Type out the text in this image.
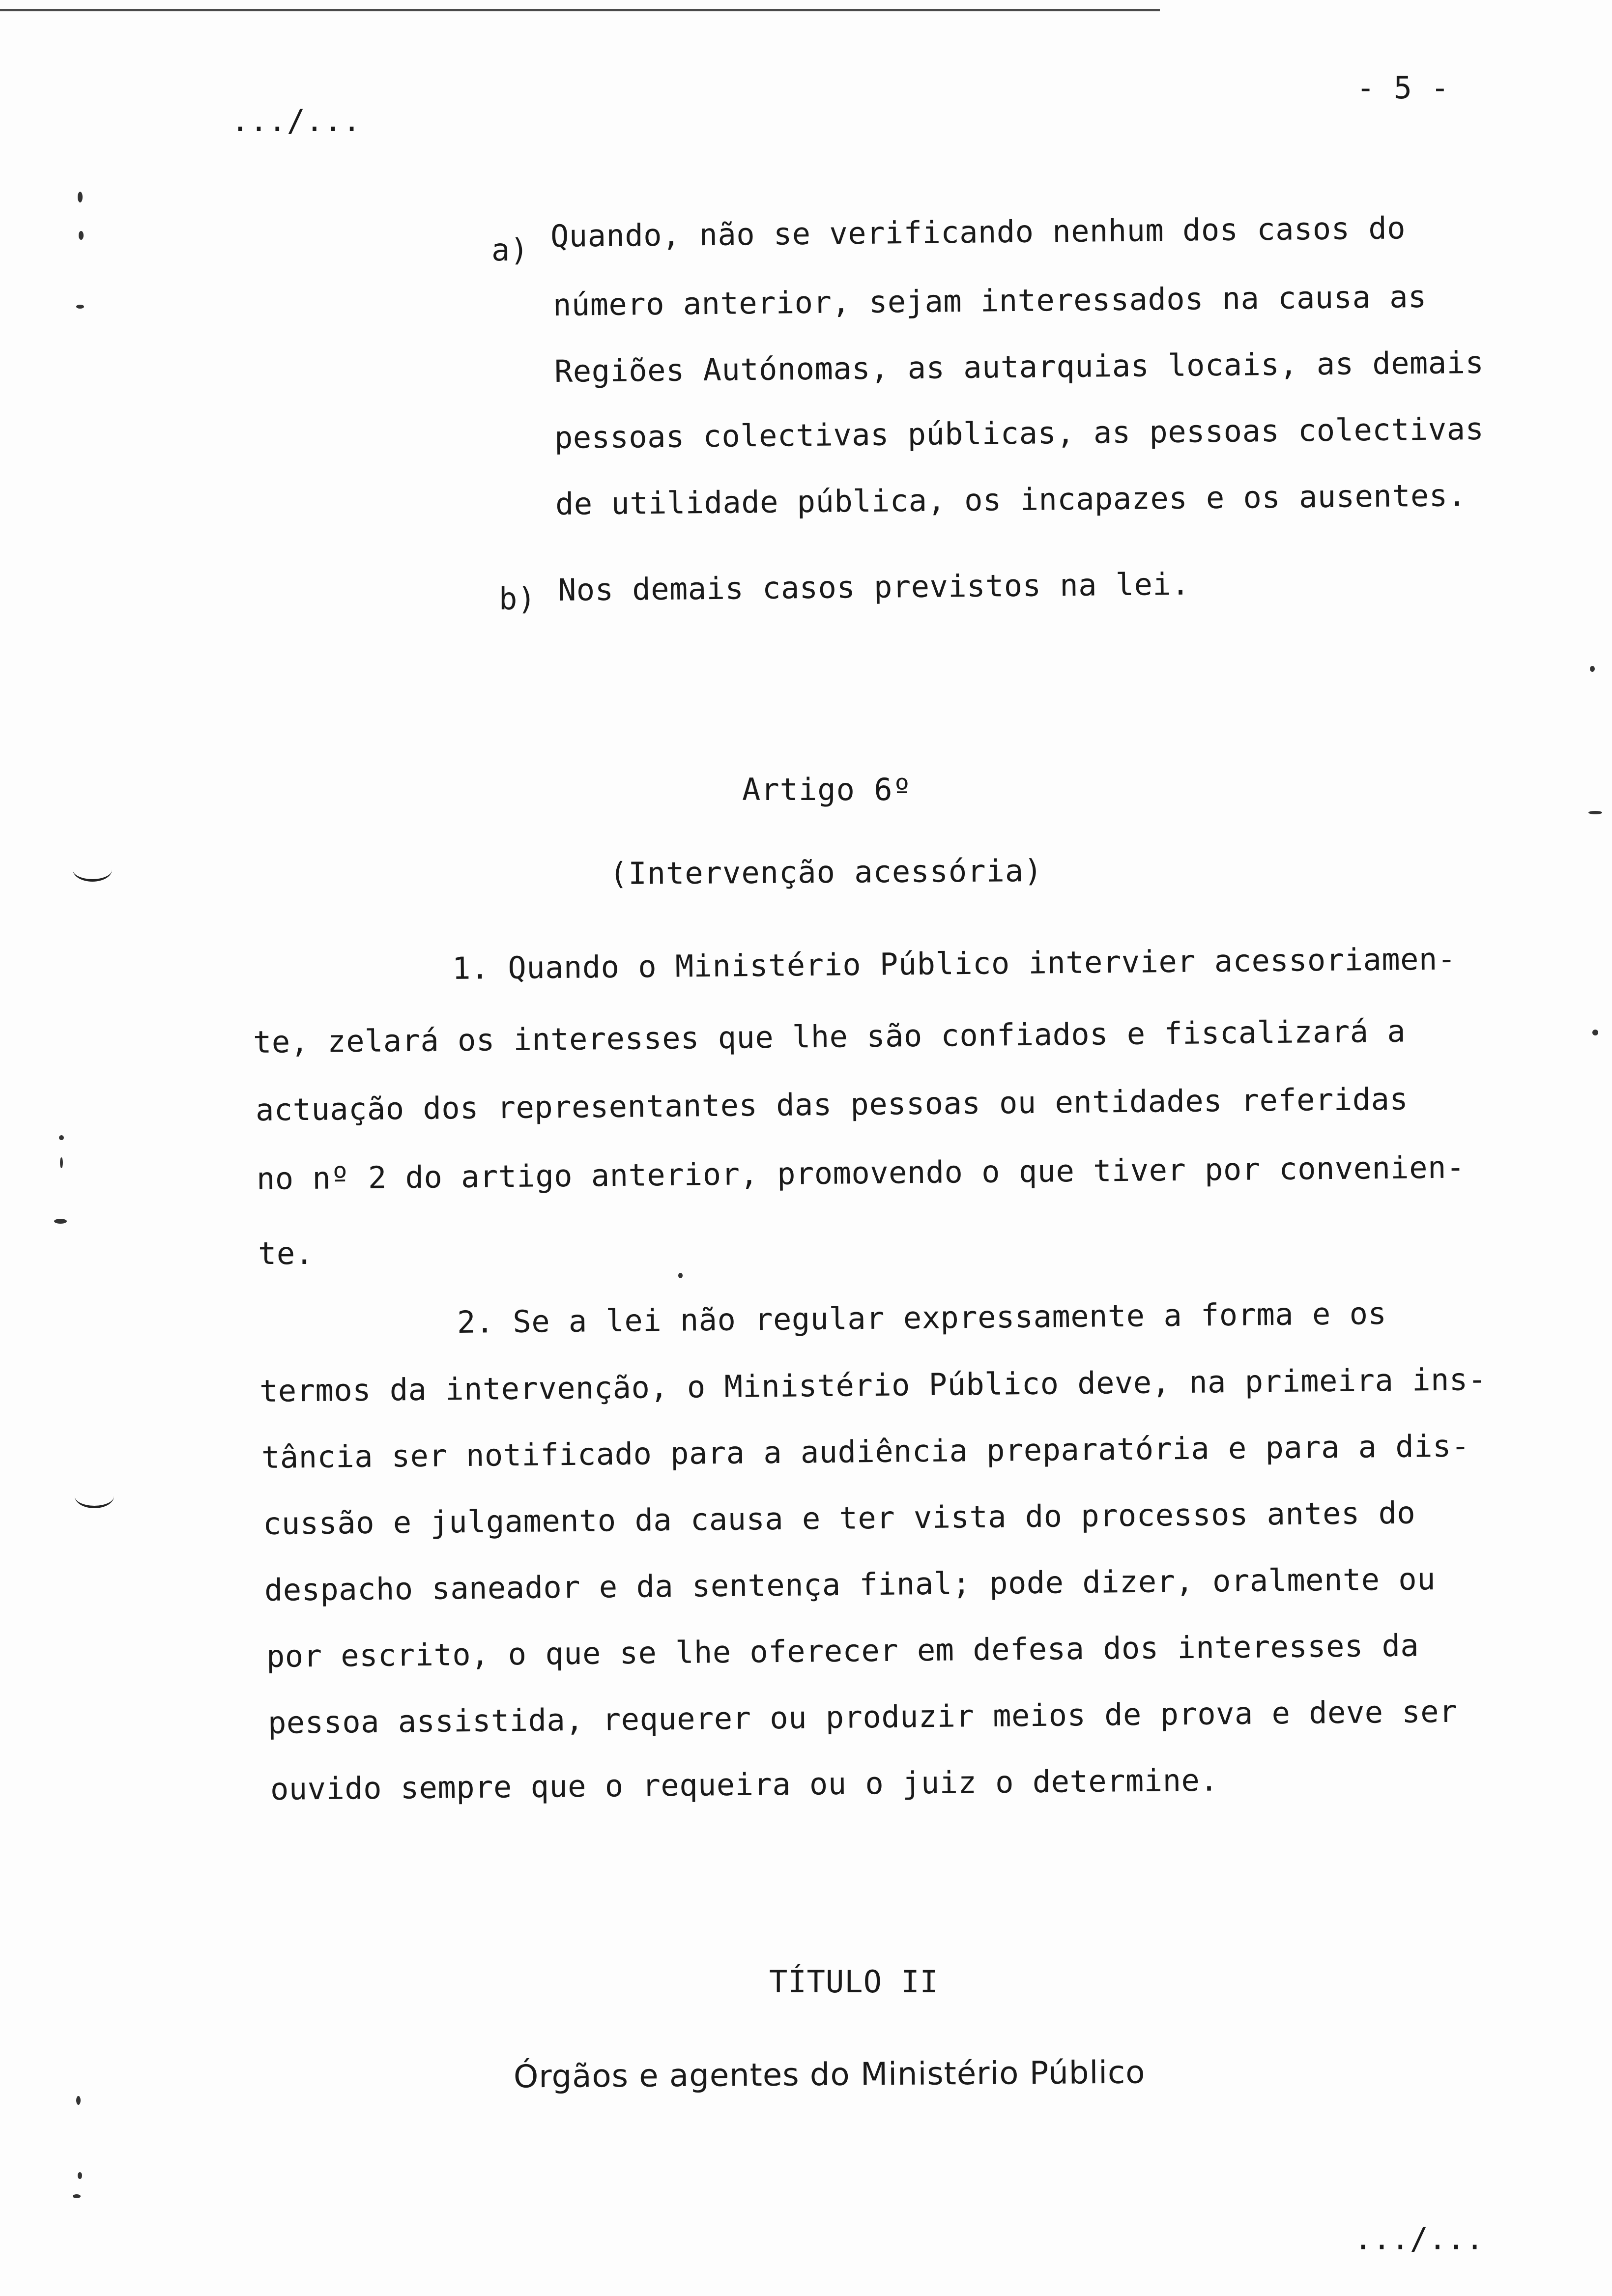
.../...
- 5 -
a) Quando, não se verificando nenhum dos casos do
número anterior, sejam interessados na causa as
Regiões Autónomas, as autarquias locais, as demais
pessoas colectivas públicas, as pessoas colectivas
de utilidade pública, os incapazes e os ausentes.
b) Nos demais casos previstos na lei.
Artigo 6º
(Intervenção acessória)
1. Quando o Ministério Público intervier acessoriamen-
te, zelará os interesses que lhe são confiados e fiscalizará a
actuação dos representantes das pessoas ou entidades referidas
no nº 2 do artigo anterior, promovendo o que tiver por convenien-
te.
2. Se a lei não regular expressamente a forma e os
termos da intervenção, o Ministério Público deve, na primeira ins-
tância ser notificado para a audiência preparatória e para a dis-
cussão e julgamento da causa e ter vista do processos antes do
despacho saneador e da sentença final; pode dizer, oralmente ou
por escrito, o que se lhe oferecer em defesa dos interesses da
pessoa assistida, requerer ou produzir meios de prova e deve ser
ouvido sempre que o requeira ou o juiz o determine.
TÍTULO II
Órgãos e agentes do Ministério Público
.../...
